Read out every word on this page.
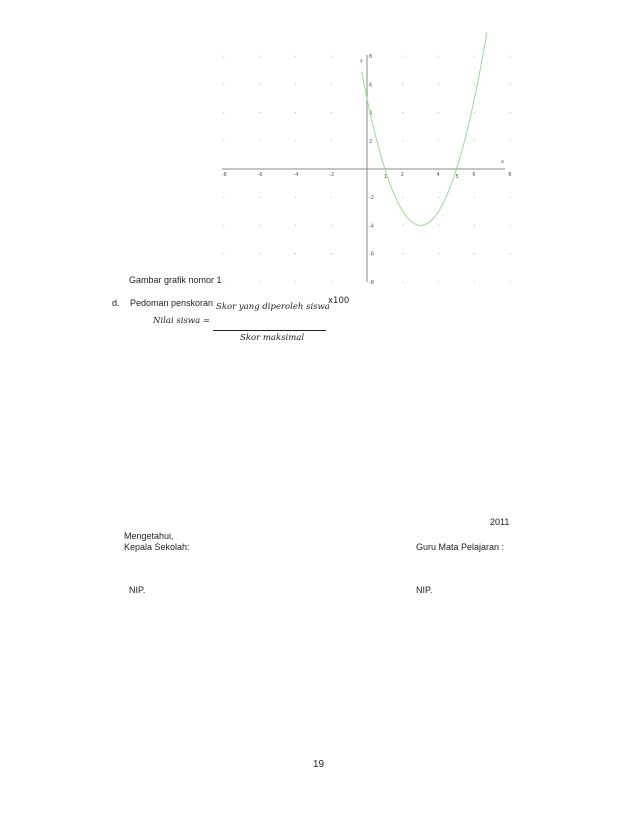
-8	-6	-4	-2	2	4	6	8
1	5
8
6
4
2
-2
-4
-6
-8
x
y
Gambar grafik nomor 1
d. Pedoman penskoran
Nilai siswa =
Skor yang diperoleh siswa
x100
Skor maksimal
2011
Mengetahui,
Kepala Sekolah:	Guru Mata Pelajaran :
NIP.	NIP.
19
